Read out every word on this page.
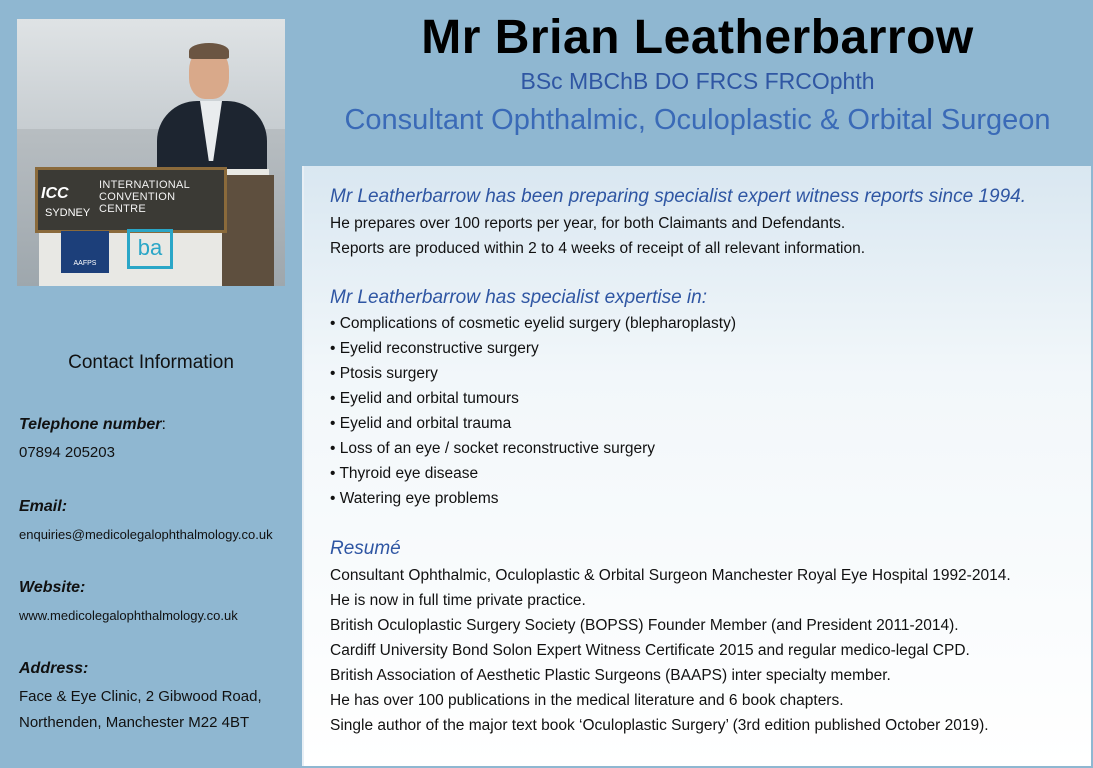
ICC
SYDNEY
INTERNATIONAL
CONVENTION
CENTRE
AAFPS
ba
Contact Information
Telephone number:
07894 205203
Email:
enquiries@medicolegalophthalmology.co.uk
Website:
www.medicolegalophthalmology.co.uk
Address:
Face & Eye Clinic, 2 Gibwood Road,
Northenden, Manchester M22 4BT
Mr Brian Leatherbarrow
BSc MBChB DO FRCS FRCOphth
Consultant Ophthalmic, Oculoplastic & Orbital Surgeon
Mr Leatherbarrow has been preparing specialist expert witness reports since 1994.
He prepares over 100 reports per year, for both Claimants and Defendants.
Reports are produced within 2 to 4 weeks of receipt of all relevant information.
Mr Leatherbarrow has specialist expertise in:
• Complications of cosmetic eyelid surgery (blepharoplasty)
• Eyelid reconstructive surgery
• Ptosis surgery
• Eyelid and orbital tumours
• Eyelid and orbital trauma
• Loss of an eye / socket reconstructive surgery
• Thyroid eye disease
• Watering eye problems
Resumé
Consultant Ophthalmic, Oculoplastic & Orbital Surgeon Manchester Royal Eye Hospital 1992-2014.
He is now in full time private practice.
British Oculoplastic Surgery Society (BOPSS) Founder Member (and President 2011-2014).
Cardiff University Bond Solon Expert Witness Certificate 2015 and regular medico-legal CPD.
British Association of Aesthetic Plastic Surgeons (BAAPS) inter specialty member.
He has over 100 publications in the medical literature and 6 book chapters.
Single author of the major text book ‘Oculoplastic Surgery’ (3rd edition published October 2019).
